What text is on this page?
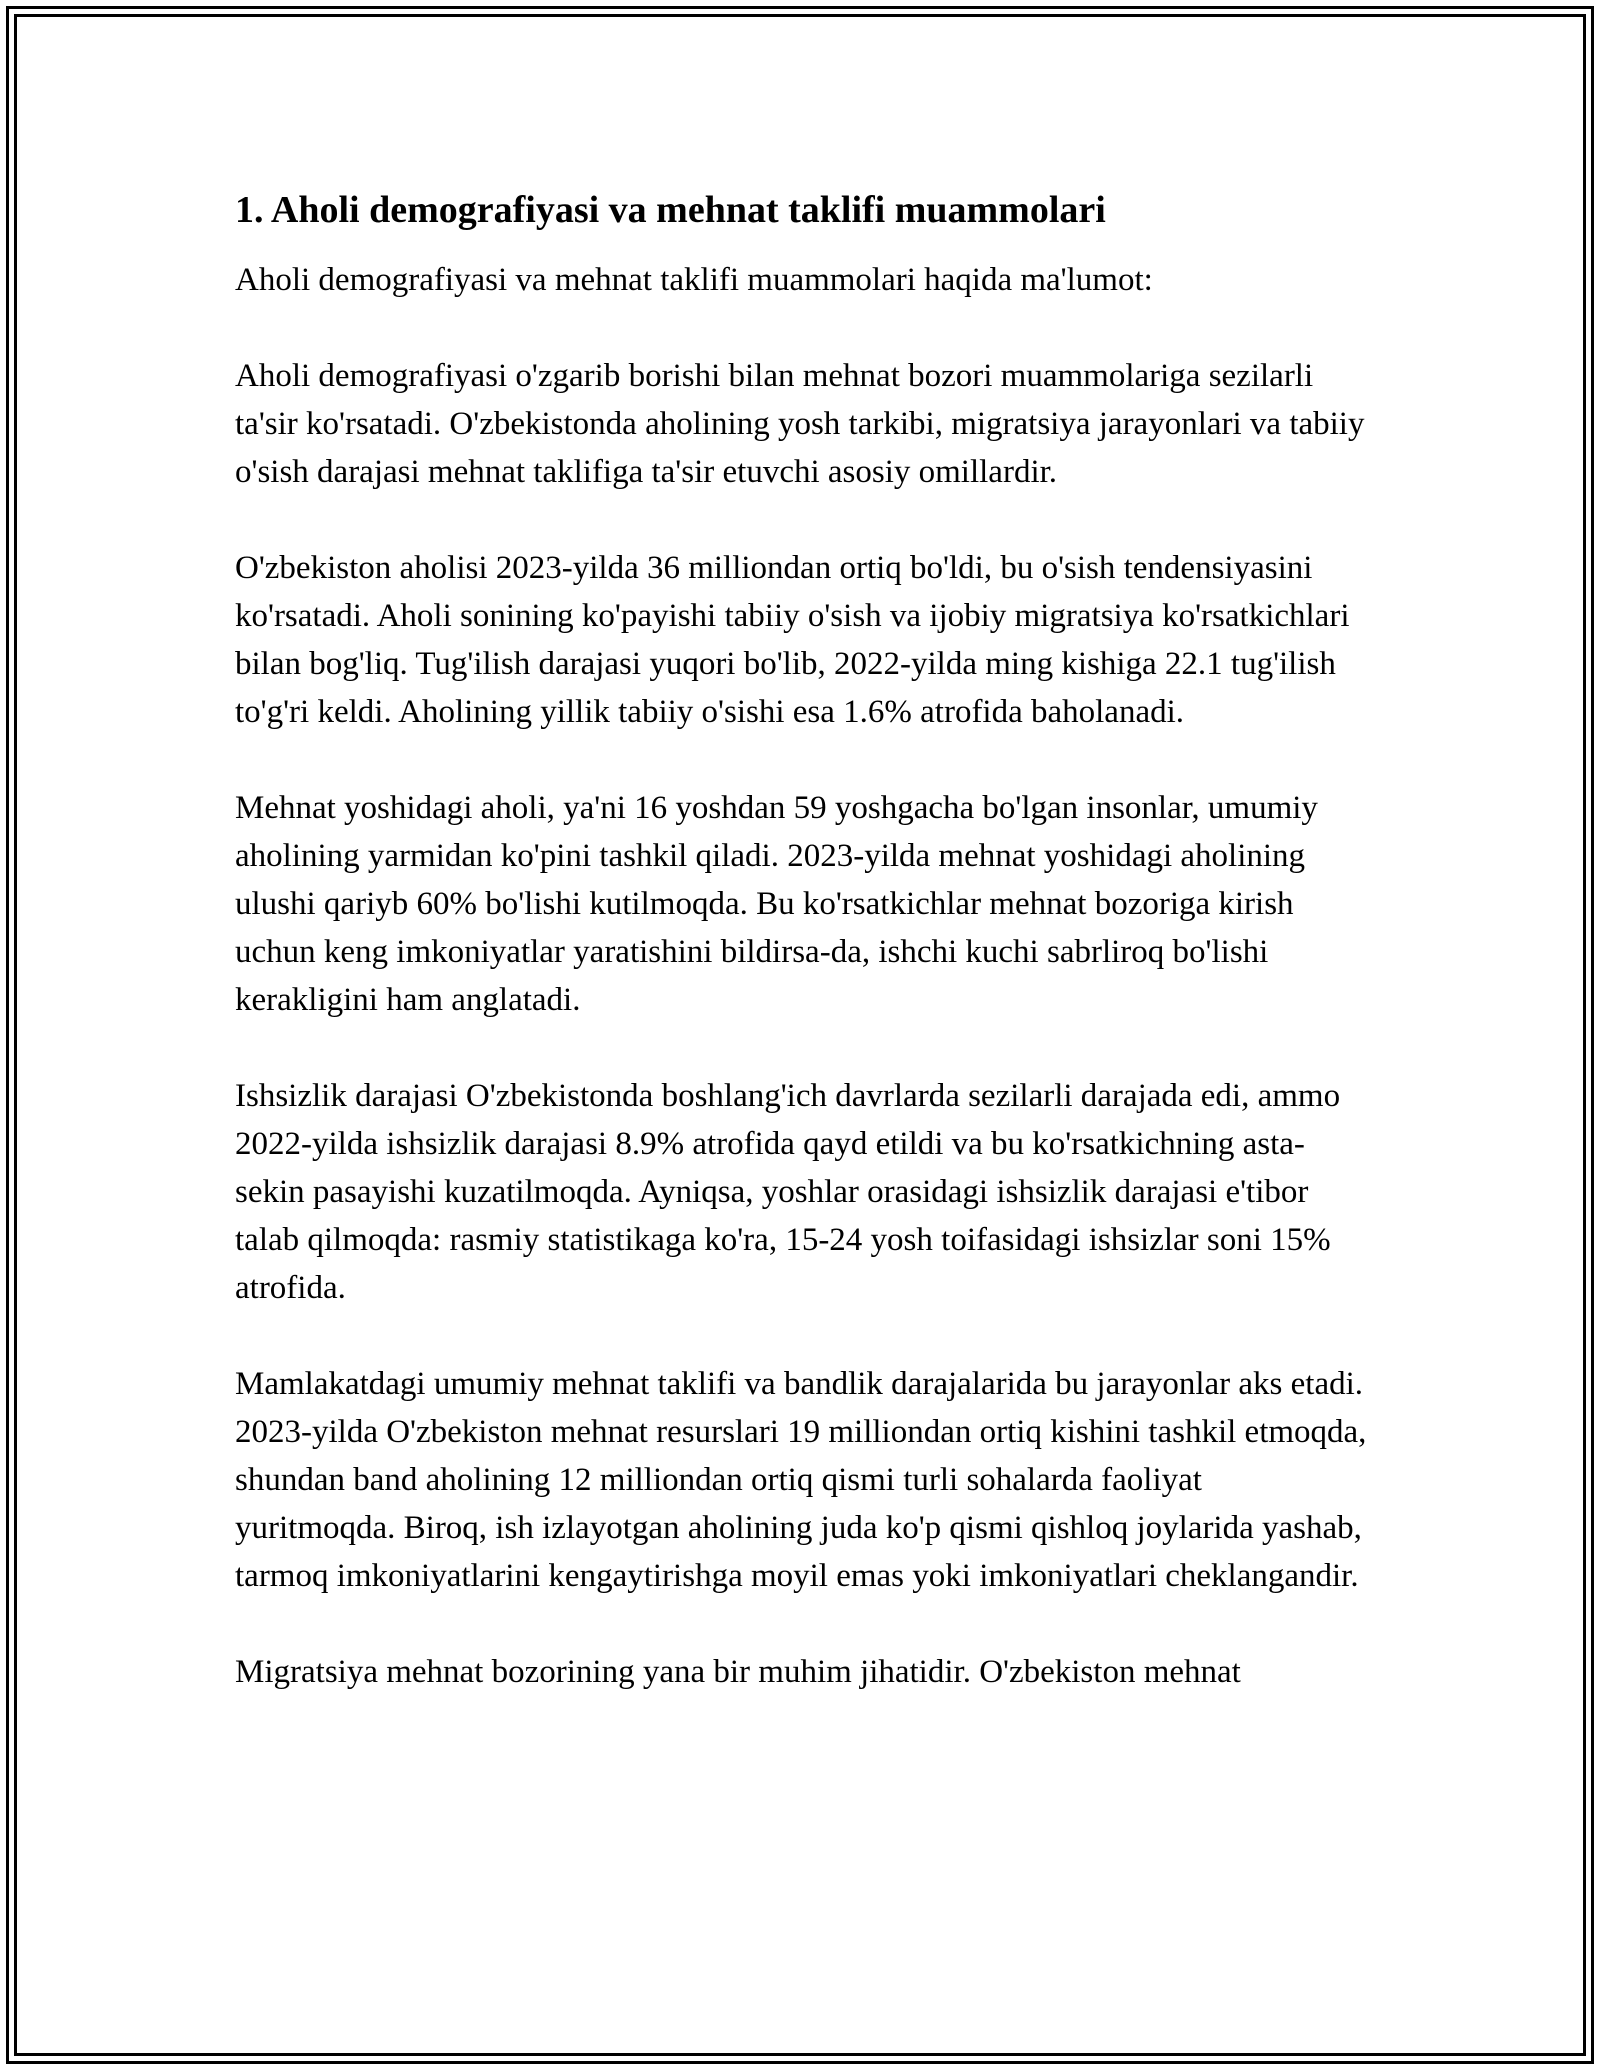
1. Aholi demografiyasi va mehnat taklifi muammolari

Aholi demografiyasi va mehnat taklifi muammolari haqida ma'lumot:

Aholi demografiyasi o'zgarib borishi bilan mehnat bozori muammolariga sezilarli ta'sir ko'rsatadi. O'zbekistonda aholining yosh tarkibi, migratsiya jarayonlari va tabiiy o'sish darajasi mehnat taklifiga ta'sir etuvchi asosiy omillardir.

O'zbekiston aholisi 2023-yilda 36 milliondan ortiq bo'ldi, bu o'sish tendensiyasini ko'rsatadi. Aholi sonining ko'payishi tabiiy o'sish va ijobiy migratsiya ko'rsatkichlari bilan bog'liq. Tug'ilish darajasi yuqori bo'lib, 2022-yilda ming kishiga 22.1 tug'ilish to'g'ri keldi. Aholining yillik tabiiy o'sishi esa 1.6% atrofida baholanadi.

Mehnat yoshidagi aholi, ya'ni 16 yoshdan 59 yoshgacha bo'lgan insonlar, umumiy aholining yarmidan ko'pini tashkil qiladi. 2023-yilda mehnat yoshidagi aholining ulushi qariyb 60% bo'lishi kutilmoqda. Bu ko'rsatkichlar mehnat bozoriga kirish uchun keng imkoniyatlar yaratishini bildirsa-da, ishchi kuchi sabrliroq bo'lishi kerakligini ham anglatadi.

Ishsizlik darajasi O'zbekistonda boshlang'ich davrlarda sezilarli darajada edi, ammo 2022-yilda ishsizlik darajasi 8.9% atrofida qayd etildi va bu ko'rsatkichning asta-sekin pasayishi kuzatilmoqda. Ayniqsa, yoshlar orasidagi ishsizlik darajasi e'tibor talab qilmoqda: rasmiy statistikaga ko'ra, 15-24 yosh toifasidagi ishsizlar soni 15% atrofida.

Mamlakatdagi umumiy mehnat taklifi va bandlik darajalarida bu jarayonlar aks etadi. 2023-yilda O'zbekiston mehnat resurslari 19 milliondan ortiq kishini tashkil etmoqda, shundan band aholining 12 milliondan ortiq qismi turli sohalarda faoliyat yuritmoqda. Biroq, ish izlayotgan aholining juda ko'p qismi qishloq joylarida yashab, tarmoq imkoniyatlarini kengaytirishga moyil emas yoki imkoniyatlari cheklangandir.

Migratsiya mehnat bozorining yana bir muhim jihatidir. O'zbekiston mehnat
